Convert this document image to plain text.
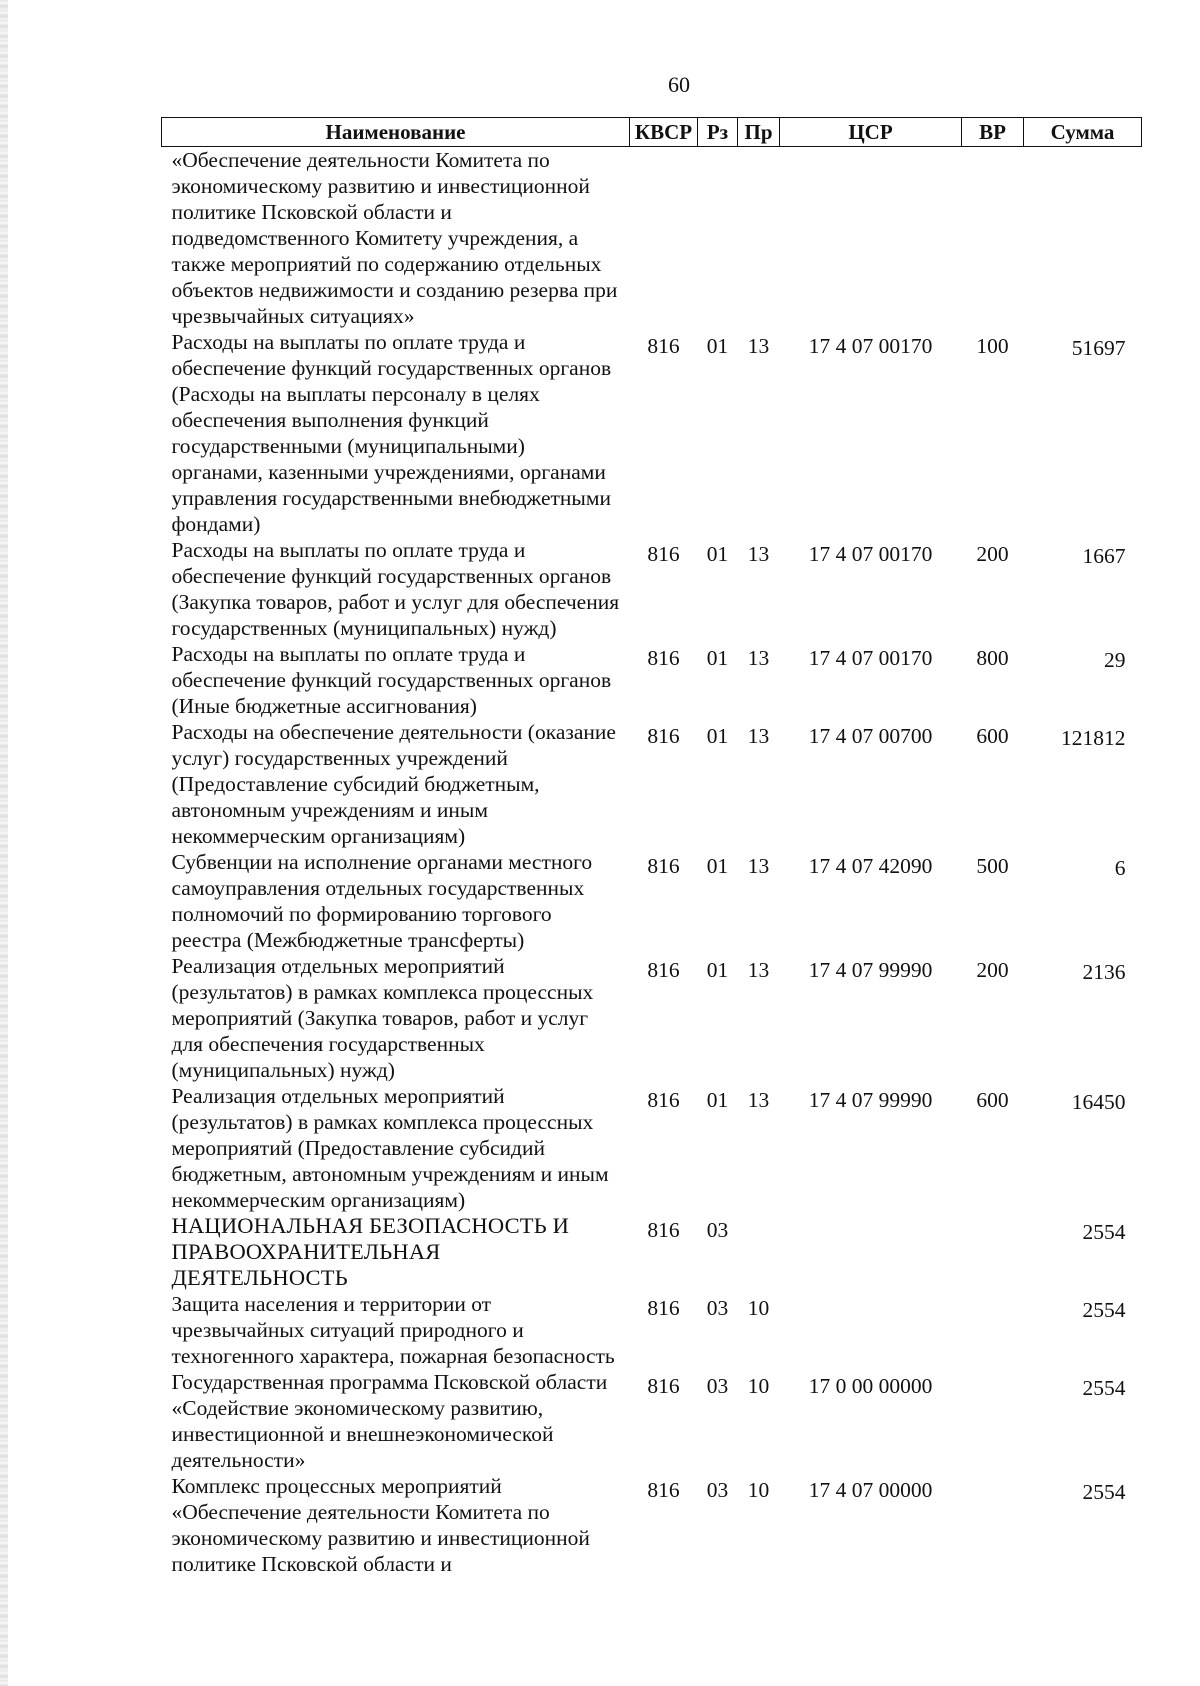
60
Наименование	КВСР	Рз	Пр	ЦСР	ВР	Сумма
«Обеспечение деятельности Комитета по экономическому развитию и инвестиционной политике Псковской области и подведомственного Комитету учреждения, а также мероприятий по содержанию отдельных объектов недвижимости и созданию резерва при чрезвычайных ситуациях»						
Расходы на выплаты по оплате труда и обеспечение функций государственных органов (Расходы на выплаты персоналу в целях обеспечения выполнения функций государственными (муниципальными) органами, казенными учреждениями, органами управления государственными внебюджетными фондами)	816	01	13	17 4 07 00170	100	51697
Расходы на выплаты по оплате труда и обеспечение функций государственных органов (Закупка товаров, работ и услуг для обеспечения государственных (муниципальных) нужд)	816	01	13	17 4 07 00170	200	1667
Расходы на выплаты по оплате труда и обеспечение функций государственных органов (Иные бюджетные ассигнования)	816	01	13	17 4 07 00170	800	29
Расходы на обеспечение деятельности (оказание услуг) государственных учреждений (Предоставление субсидий бюджетным, автономным учреждениям и иным некоммерческим организациям)	816	01	13	17 4 07 00700	600	121812
Субвенции на исполнение органами местного самоуправления отдельных государственных полномочий по формированию торгового реестра (Межбюджетные трансферты)	816	01	13	17 4 07 42090	500	6
Реализация отдельных мероприятий (результатов) в рамках комплекса процессных мероприятий (Закупка товаров, работ и услуг для обеспечения государственных (муниципальных) нужд)	816	01	13	17 4 07 99990	200	2136
Реализация отдельных мероприятий (результатов) в рамках комплекса процессных мероприятий (Предоставление субсидий бюджетным, автономным учреждениям и иным некоммерческим организациям)	816	01	13	17 4 07 99990	600	16450
НАЦИОНАЛЬНАЯ БЕЗОПАСНОСТЬ И ПРАВООХРАНИТЕЛЬНАЯ ДЕЯТЕЛЬНОСТЬ	816	03				2554
Защита населения и территории от чрезвычайных ситуаций природного и техногенного характера, пожарная безопасность	816	03	10			2554
Государственная программа Псковской области «Содействие экономическому развитию, инвестиционной и внешнеэкономической деятельности»	816	03	10	17 0 00 00000		2554
Комплекс процессных мероприятий «Обеспечение деятельности Комитета по экономическому развитию и инвестиционной политике Псковской области и	816	03	10	17 4 07 00000		2554
